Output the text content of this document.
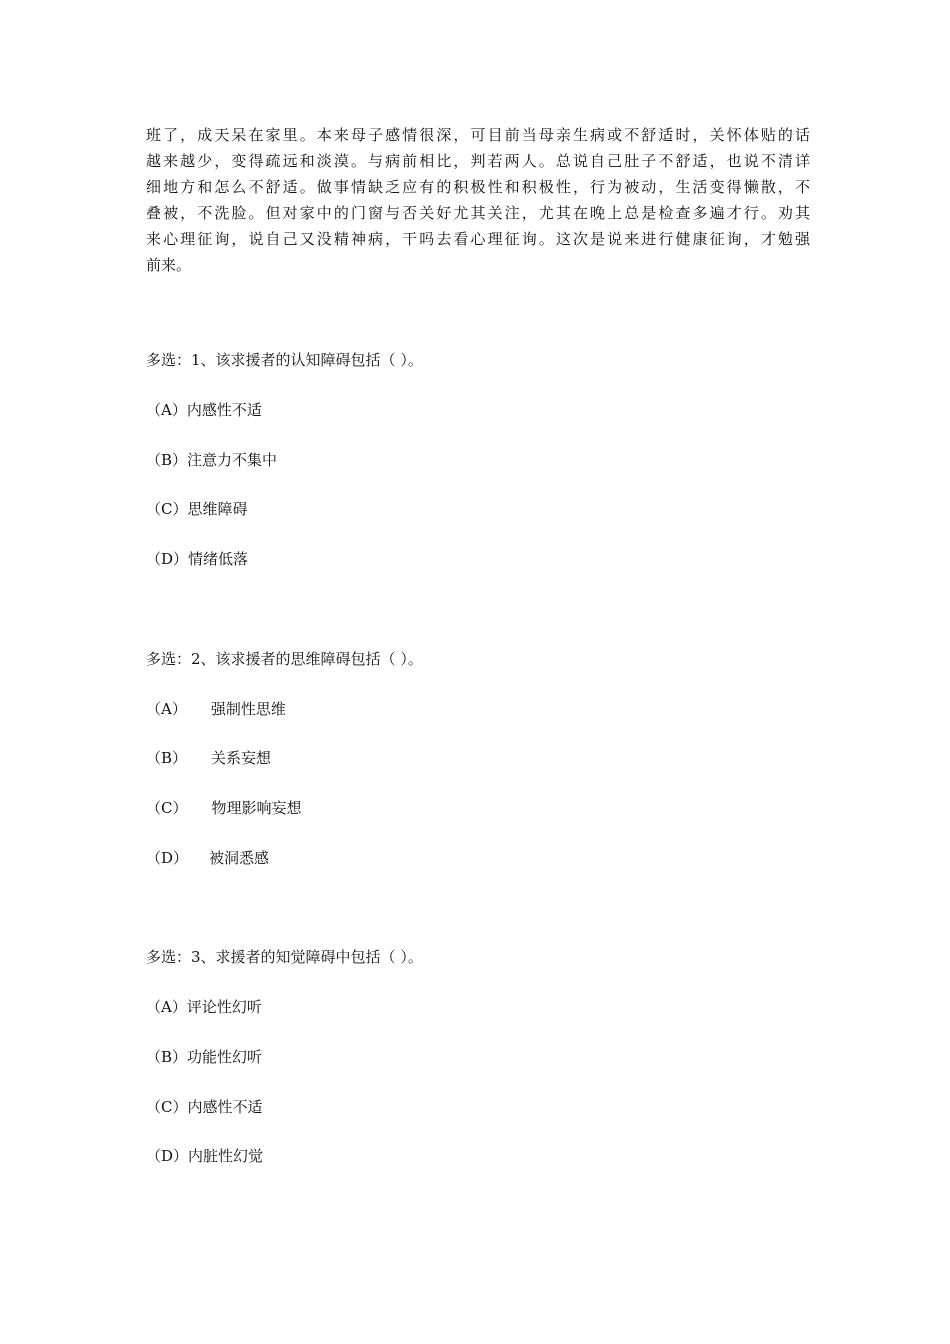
班了，成天呆在家里。本来母子感情很深，可目前当母亲生病或不舒适时，关怀体贴的话
越来越少，变得疏远和淡漠。与病前相比，判若两人。总说自己肚子不舒适，也说不清详
细地方和怎么不舒适。做事情缺乏应有的积极性和积极性，行为被动，生活变得懒散，不
叠被，不洗脸。但对家中的门窗与否关好尤其关注，尤其在晚上总是检查多遍才行。劝其
来心理征询，说自己又没精神病，干吗去看心理征询。这次是说来进行健康征询，才勉强
前来。
多选：1、该求援者的认知障碍包括（ ）。
（A）内感性不适
（B）注意力不集中
（C）思维障碍
（D）情绪低落
多选：2、该求援者的思维障碍包括（ ）。
（A） 强制性思维
（B） 关系妄想
（C） 物理影响妄想
（D） 被洞悉感
多选：3、求援者的知觉障碍中包括（ ）。
（A）评论性幻听
（B）功能性幻听
（C）内感性不适
（D）内脏性幻觉
